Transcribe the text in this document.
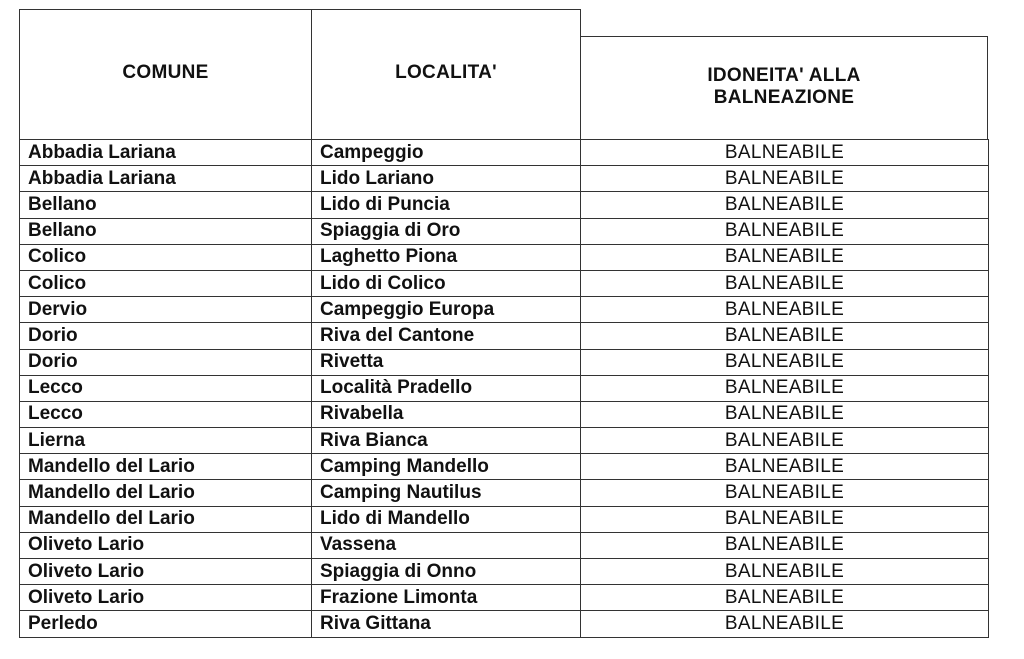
COMUNE	LOCALITA'	IDONEITA' ALLA
BALNEAZIONE
Abbadia Lariana	Campeggio	BALNEABILE
Abbadia Lariana	Lido Lariano	BALNEABILE
Bellano	Lido di Puncia	BALNEABILE
Bellano	Spiaggia di Oro	BALNEABILE
Colico	Laghetto Piona	BALNEABILE
Colico	Lido di Colico	BALNEABILE
Dervio	Campeggio Europa	BALNEABILE
Dorio	Riva del Cantone	BALNEABILE
Dorio	Rivetta	BALNEABILE
Lecco	Località Pradello	BALNEABILE
Lecco	Rivabella	BALNEABILE
Lierna	Riva Bianca	BALNEABILE
Mandello del Lario	Camping Mandello	BALNEABILE
Mandello del Lario	Camping Nautilus	BALNEABILE
Mandello del Lario	Lido di Mandello	BALNEABILE
Oliveto Lario	Vassena	BALNEABILE
Oliveto Lario	Spiaggia di Onno	BALNEABILE
Oliveto Lario	Frazione Limonta	BALNEABILE
Perledo	Riva Gittana	BALNEABILE
